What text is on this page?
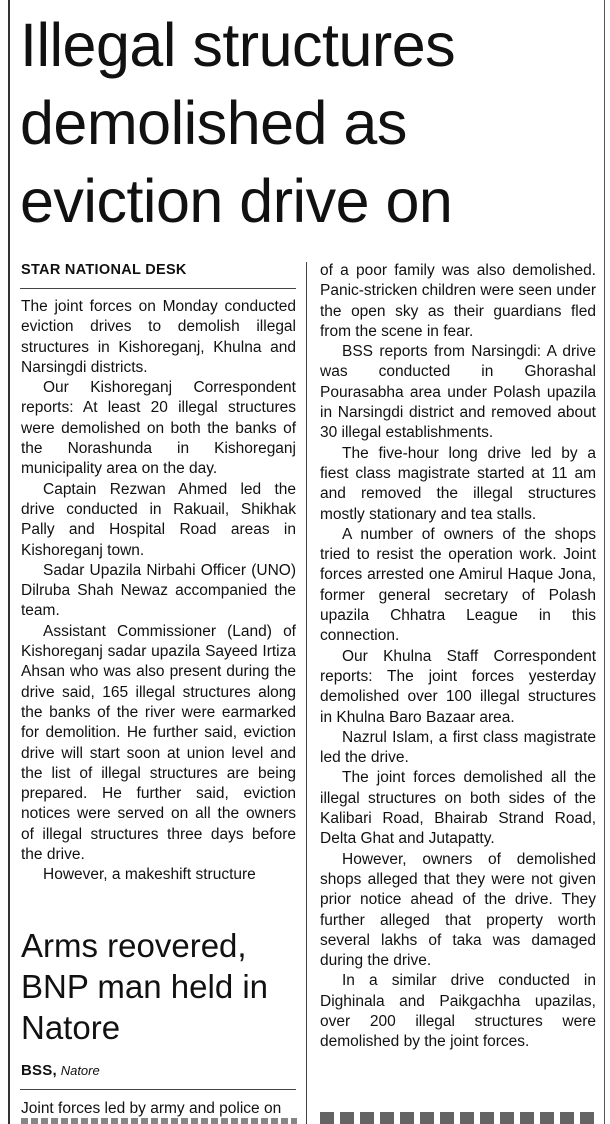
Illegal structures demolished as eviction drive on
STAR NATIONAL DESK

The joint forces on Monday conducted eviction drives to demolish illegal structures in Kishoreganj, Khulna and Narsingdi districts.

Our Kishoreganj Correspondent reports: At least 20 illegal structures were demolished on both the banks of the Norashunda in Kishoreganj municipality area on the day.

Captain Rezwan Ahmed led the drive conducted in Rakuail, Shikhak Pally and Hospital Road areas in Kishoreganj town.

Sadar Upazila Nirbahi Officer (UNO) Dilruba Shah Newaz accompanied the team.

Assistant Commissioner (Land) of Kishoreganj sadar upazila Sayeed Irtiza Ahsan who was also present during the drive said, 165 illegal structures along the banks of the river were earmarked for demolition. He further said, eviction drive will start soon at union level and the list of illegal structures are being prepared. He further said, eviction notices were served on all the owners of illegal structures three days before the drive.

However, a makeshift structure

of a poor family was also demolished. Panic-stricken children were seen under the open sky as their guardians fled from the scene in fear.

BSS reports from Narsingdi: A drive was conducted in Ghorashal Pourasabha area under Polash upazila in Narsingdi district and removed about 30 illegal establishments.

The five-hour long drive led by a fiest class magistrate started at 11 am and removed the illegal structures mostly stationary and tea stalls.

A number of owners of the shops tried to resist the operation work. Joint forces arrested one Amirul Haque Jona, former general secretary of Polash upazila Chhatra League in this connection.

Our Khulna Staff Correspondent reports: The joint forces yesterday demolished over 100 illegal structures in Khulna Baro Bazaar area.

Nazrul Islam, a first class magistrate led the drive.

The joint forces demolished all the illegal structures on both sides of the Kalibari Road, Bhairab Strand Road, Delta Ghat and Jutapatty.

However, owners of demolished shops alleged that they were not given prior notice ahead of the drive. They further alleged that property worth several lakhs of taka was damaged during the drive.

In a similar drive conducted in Dighinala and Paikgachha upazilas, over 200 illegal structures were demolished by the joint forces.

Arms reovered, BNP man held in Natore
BSS, Natore
Joint forces led by army and police on
